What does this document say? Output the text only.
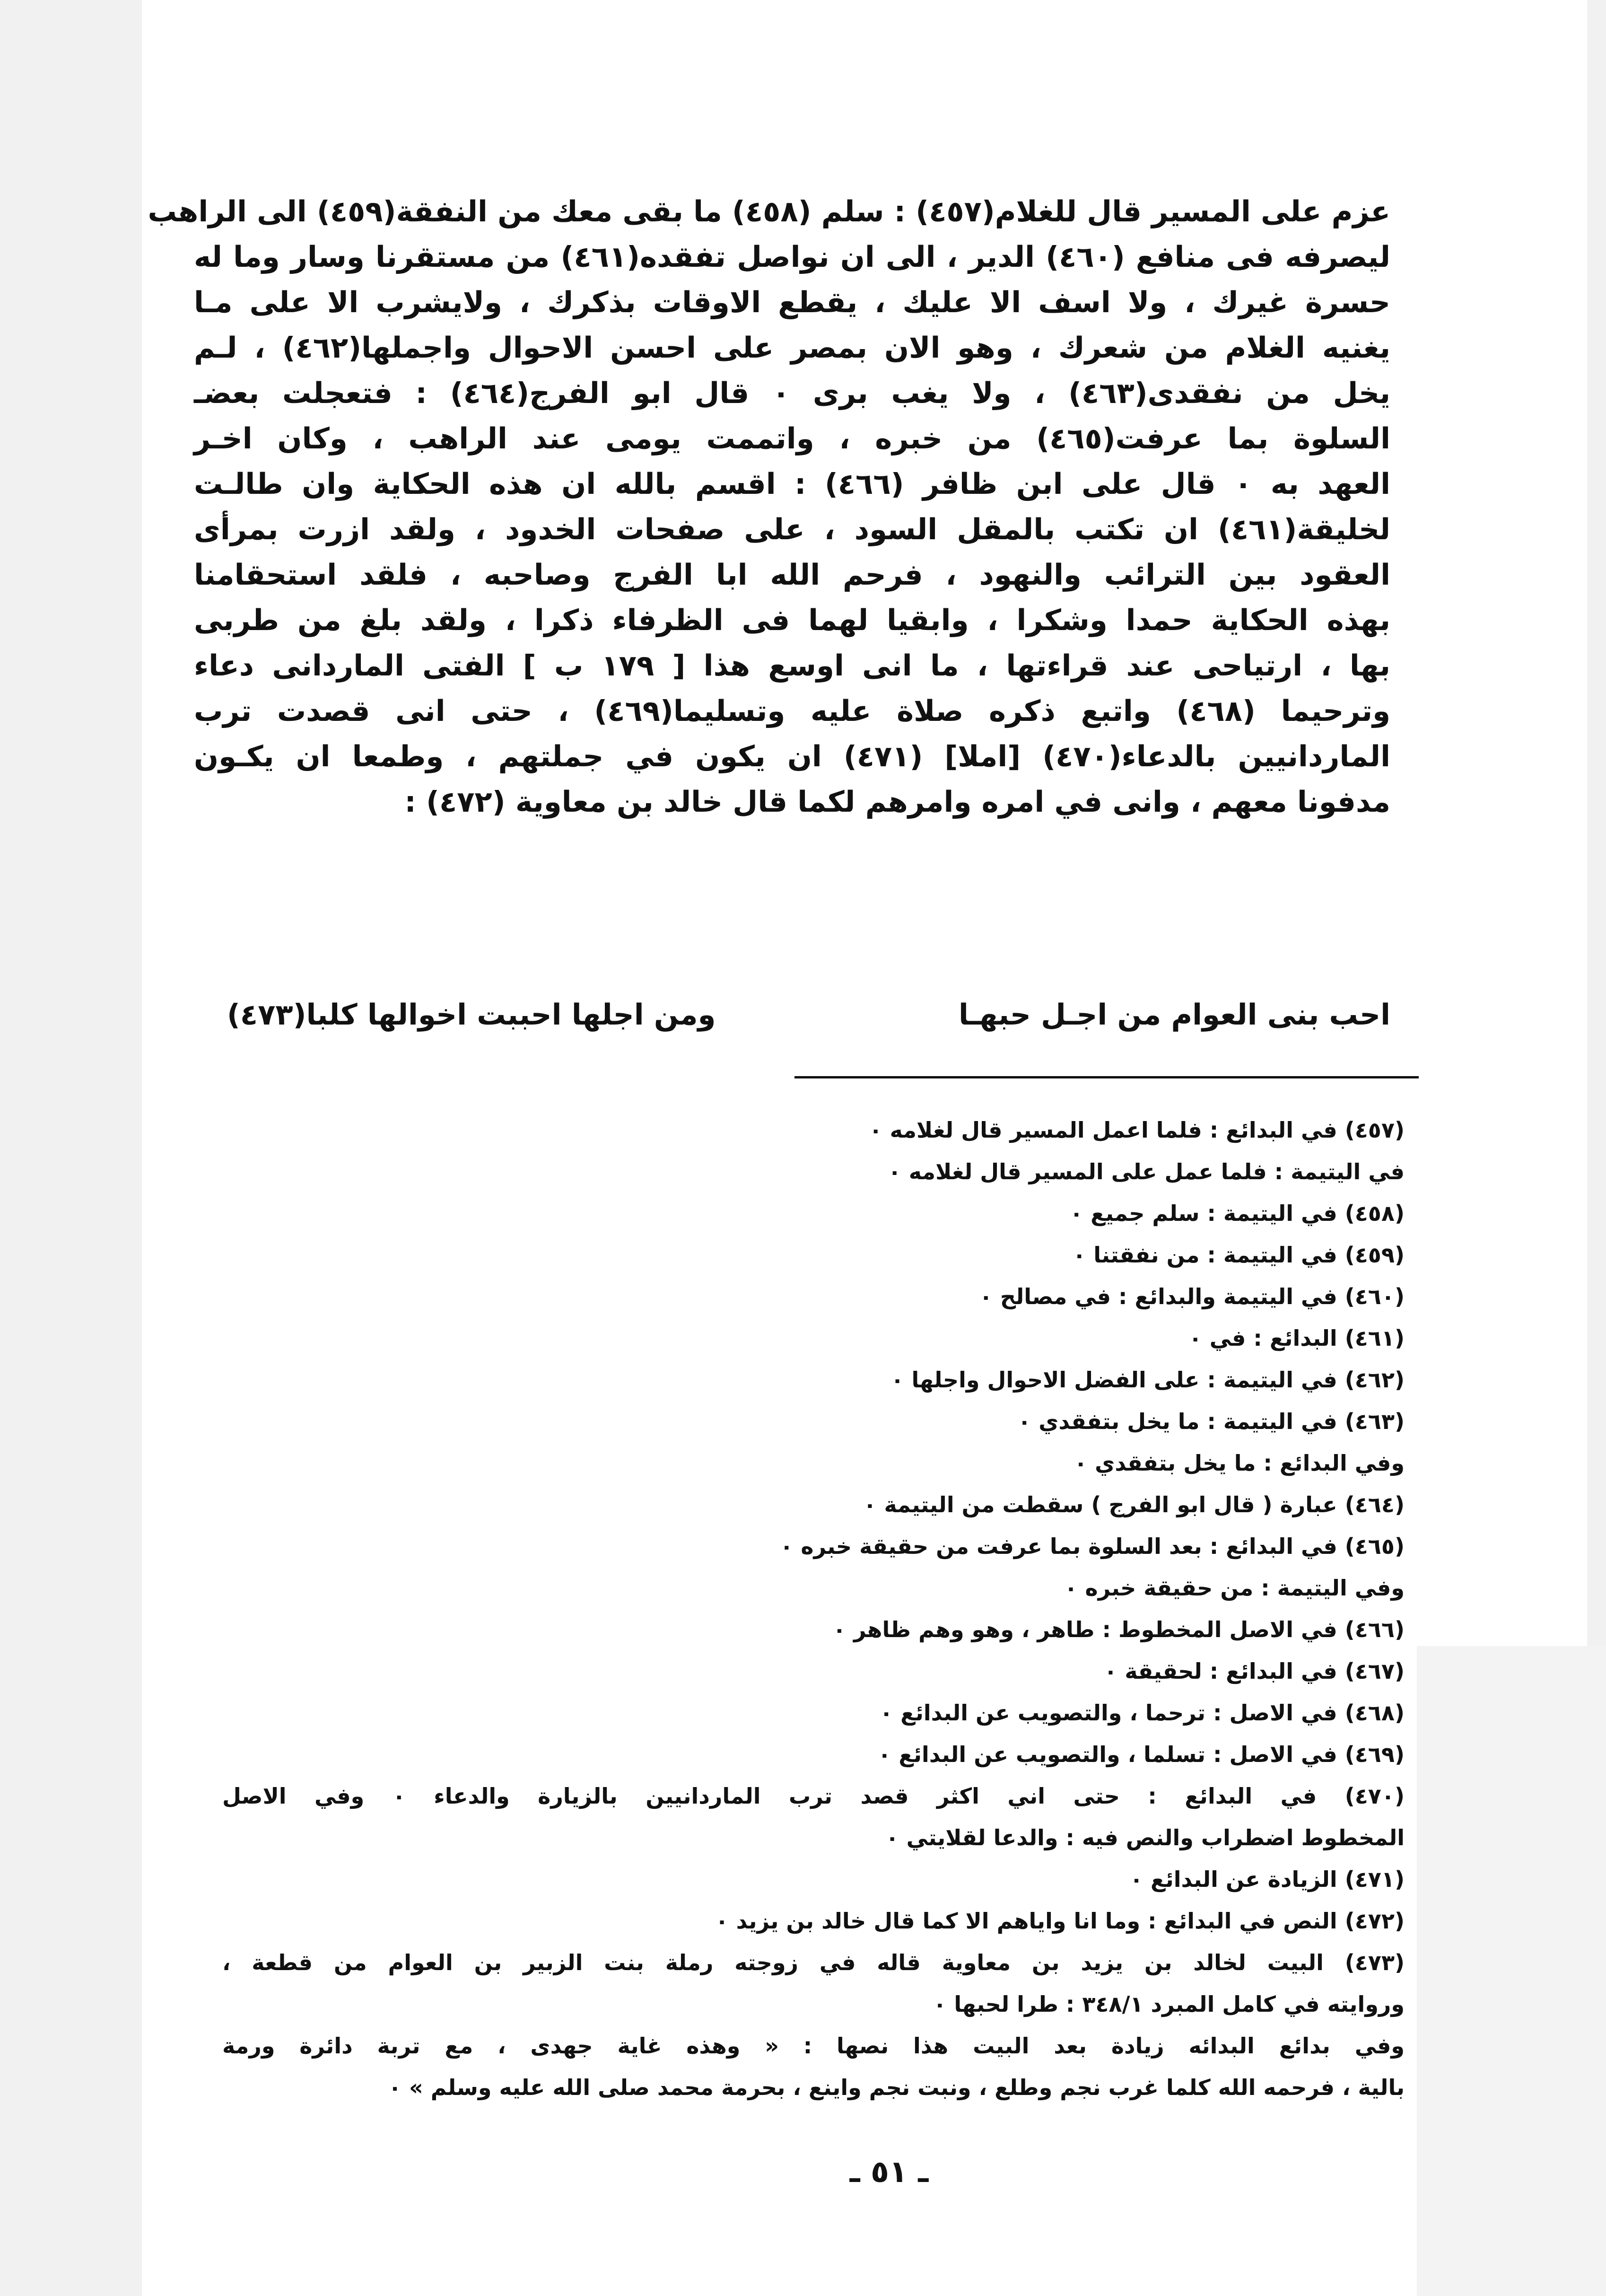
عزم على المسير قال للغلام(٤٥٧) : سلم (٤٥٨) ما بقى معك من النفقة(٤٥٩) الى الراهب
ليصرفه فى منافع (٤٦٠) الدير ، الى ان نواصل تفقده(٤٦١) من مستقرنا وسار وما له
حسرة غيرك ، ولا اسف الا عليك ، يقطع الاوقات بذكرك ، ولايشرب الا على مـا
يغنيه الغلام من شعرك ، وهو الان بمصر على احسن الاحوال واجملها(٤٦٢) ، لـم
يخل من نفقدى(٤٦٣) ، ولا يغب برى ٠ قال ابو الفرج(٤٦٤) : فتعجلت بعضـ
السلوة بما عرفت(٤٦٥) من خبره ، واتممت يومى عند الراهب ، وكان اخـر
العهد به ٠ قال على ابن ظافر (٤٦٦) : اقسم بالله ان هذه الحكاية وان طالـت
لخليقة(٤٦١) ان تكتب بالمقل السود ، على صفحات الخدود ، ولقد ازرت بمرأى
العقود بين الترائب والنهود ، فرحم الله ابا الفرج وصاحبه ، فلقد استحقامنا
بهذه الحكاية حمدا وشكرا ، وابقيا لهما فى الظرفاء ذكرا ، ولقد بلغ من طربى
بها ، ارتياحى عند قراءتها ، ما انى اوسع هذا [ ١٧٩ ب ] الفتى الماردانى دعاء
وترحيما (٤٦٨) واتبع ذكره صلاة عليه وتسليما(٤٦٩) ، حتى انى قصدت ترب
الماردانيين بالدعاء(٤٧٠) [املا] (٤٧١) ان يكون في جملتهم ، وطمعا ان يكـون
مدفونا معهم ، وانى في امره وامرهم لكما قال خالد بن معاوية (٤٧٢) :
احب بنى العوام من اجـل حبهـا
ومن اجلها احببت اخوالها كلبا(٤٧٣)
(٤٥٧) في البدائع : فلما اعمل المسير قال لغلامه ٠
في اليتيمة : فلما عمل على المسير قال لغلامه ٠
(٤٥٨) في اليتيمة : سلم جميع ٠
(٤٥٩) في اليتيمة : من نفقتنا ٠
(٤٦٠) في اليتيمة والبدائع : في مصالح ٠
(٤٦١) البدائع : في ٠
(٤٦٢) في اليتيمة : على الفضل الاحوال واجلها ٠
(٤٦٣) في اليتيمة : ما يخل بتفقدي ٠
وفي البدائع : ما يخل بتفقدي ٠
(٤٦٤) عبارة ( قال ابو الفرج ) سقطت من اليتيمة ٠
(٤٦٥) في البدائع : بعد السلوة بما عرفت من حقيقة خبره ٠
وفي اليتيمة : من حقيقة خبره ٠
(٤٦٦) في الاصل المخطوط : طاهر ، وهو وهم ظاهر ٠
(٤٦٧) في البدائع : لحقيقة ٠
(٤٦٨) في الاصل : ترحما ، والتصويب عن البدائع ٠
(٤٦٩) في الاصل : تسلما ، والتصويب عن البدائع ٠
(٤٧٠) في البدائع : حتى اني اكثر قصد ترب الماردانيين بالزيارة والدعاء ٠ وفي الاصل
المخطوط اضطراب والنص فيه : والدعا لقلايتي ٠
(٤٧١) الزيادة عن البدائع ٠
(٤٧٢) النص في البدائع : وما انا واياهم الا كما قال خالد بن يزيد ٠
(٤٧٣) البيت لخالد بن يزيد بن معاوية قاله في زوجته رملة بنت الزبير بن العوام من قطعة ،
وروايته في كامل المبرد ٣٤٨/١ : طرا لحبها ٠
وفي بدائع البدائه زيادة بعد البيت هذا نصها : « وهذه غاية جهدى ، مع تربة دائرة ورمة
بالية ، فرحمه الله كلما غرب نجم وطلع ، ونبت نجم واينع ، بحرمة محمد صلى الله عليه وسلم » ٠
ـ ٥١ ـ
